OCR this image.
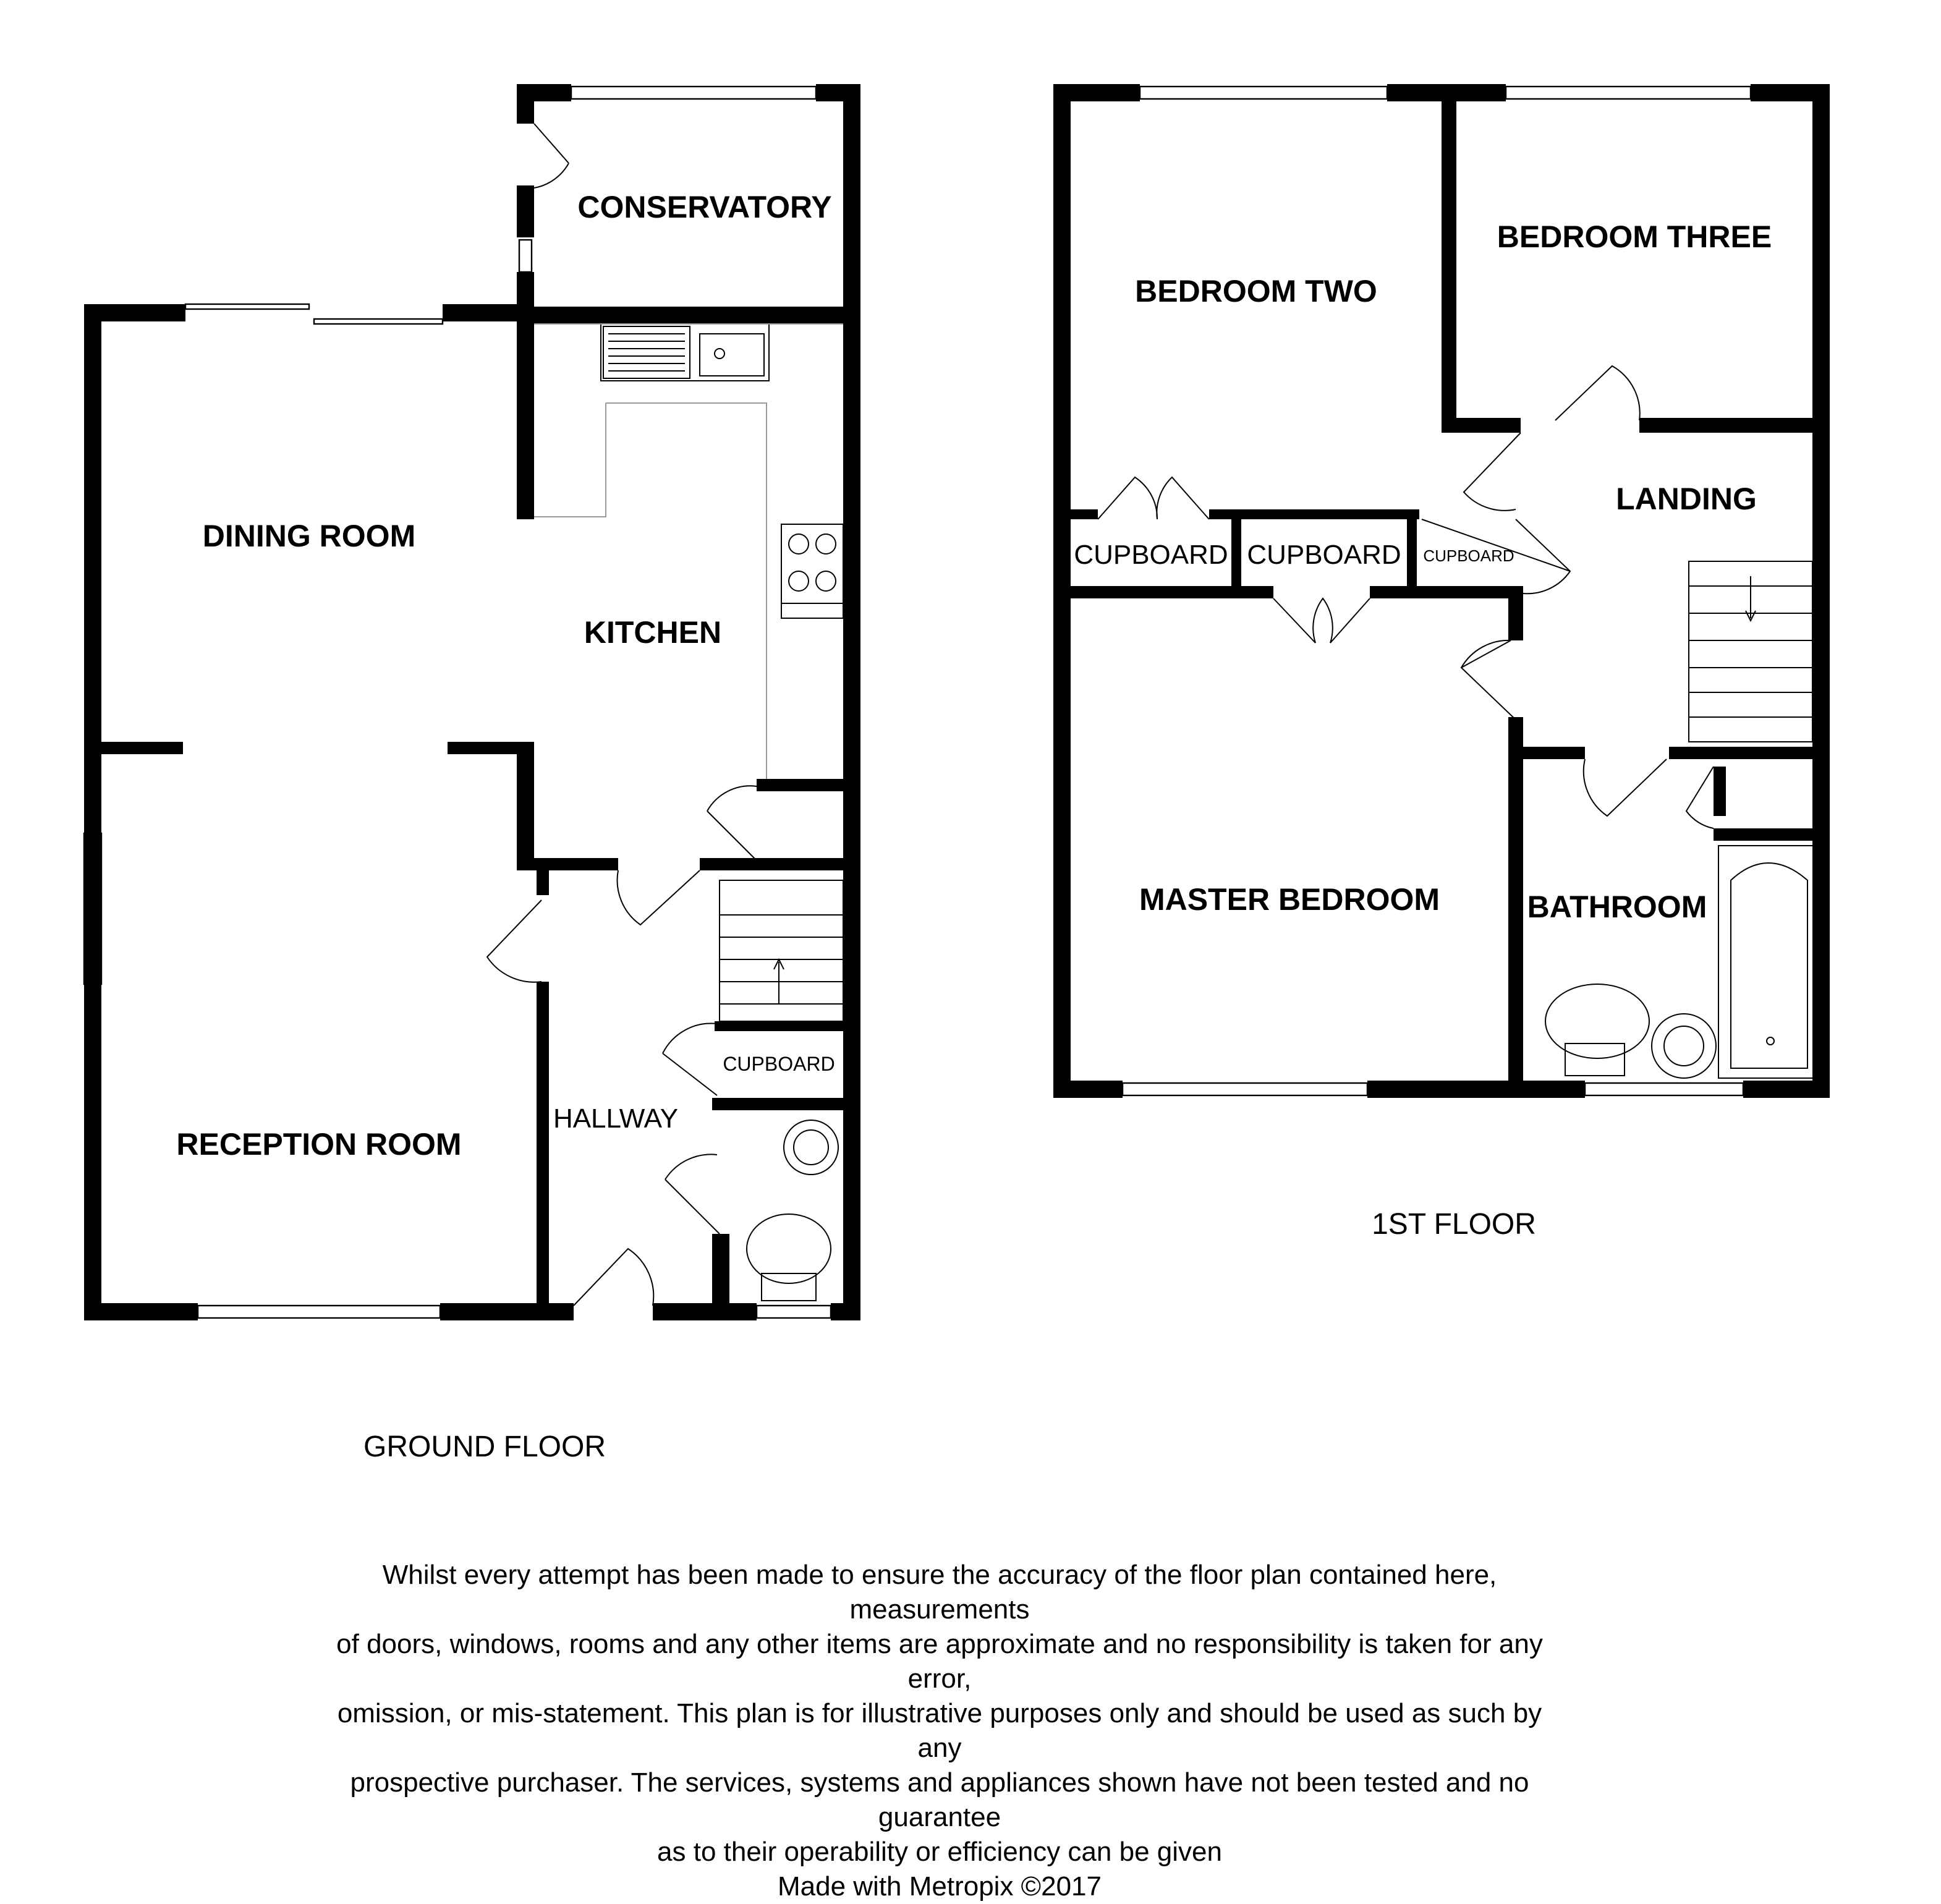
CONSERVATORY
DINING ROOM
KITCHEN
RECEPTION ROOM
HALLWAY
CUPBOARD
GROUND FLOOR
BEDROOM TWO
BEDROOM THREE
LANDING
CUPBOARD CUPBOARD	CUPBOARD
MASTER BEDROOM	BATHROOM
1ST FLOOR
Whilst every attempt has been made to ensure the accuracy of the floor plan contained here, measurements
of doors, windows, rooms and any other items are approximate and no responsibility is taken for any error,
omission, or mis-statement. This plan is for illustrative purposes only and should be used as such by any
prospective purchaser. The services, systems and appliances shown have not been tested and no guarantee
as to their operability or efficiency can be given
Made with Metropix ©2017
